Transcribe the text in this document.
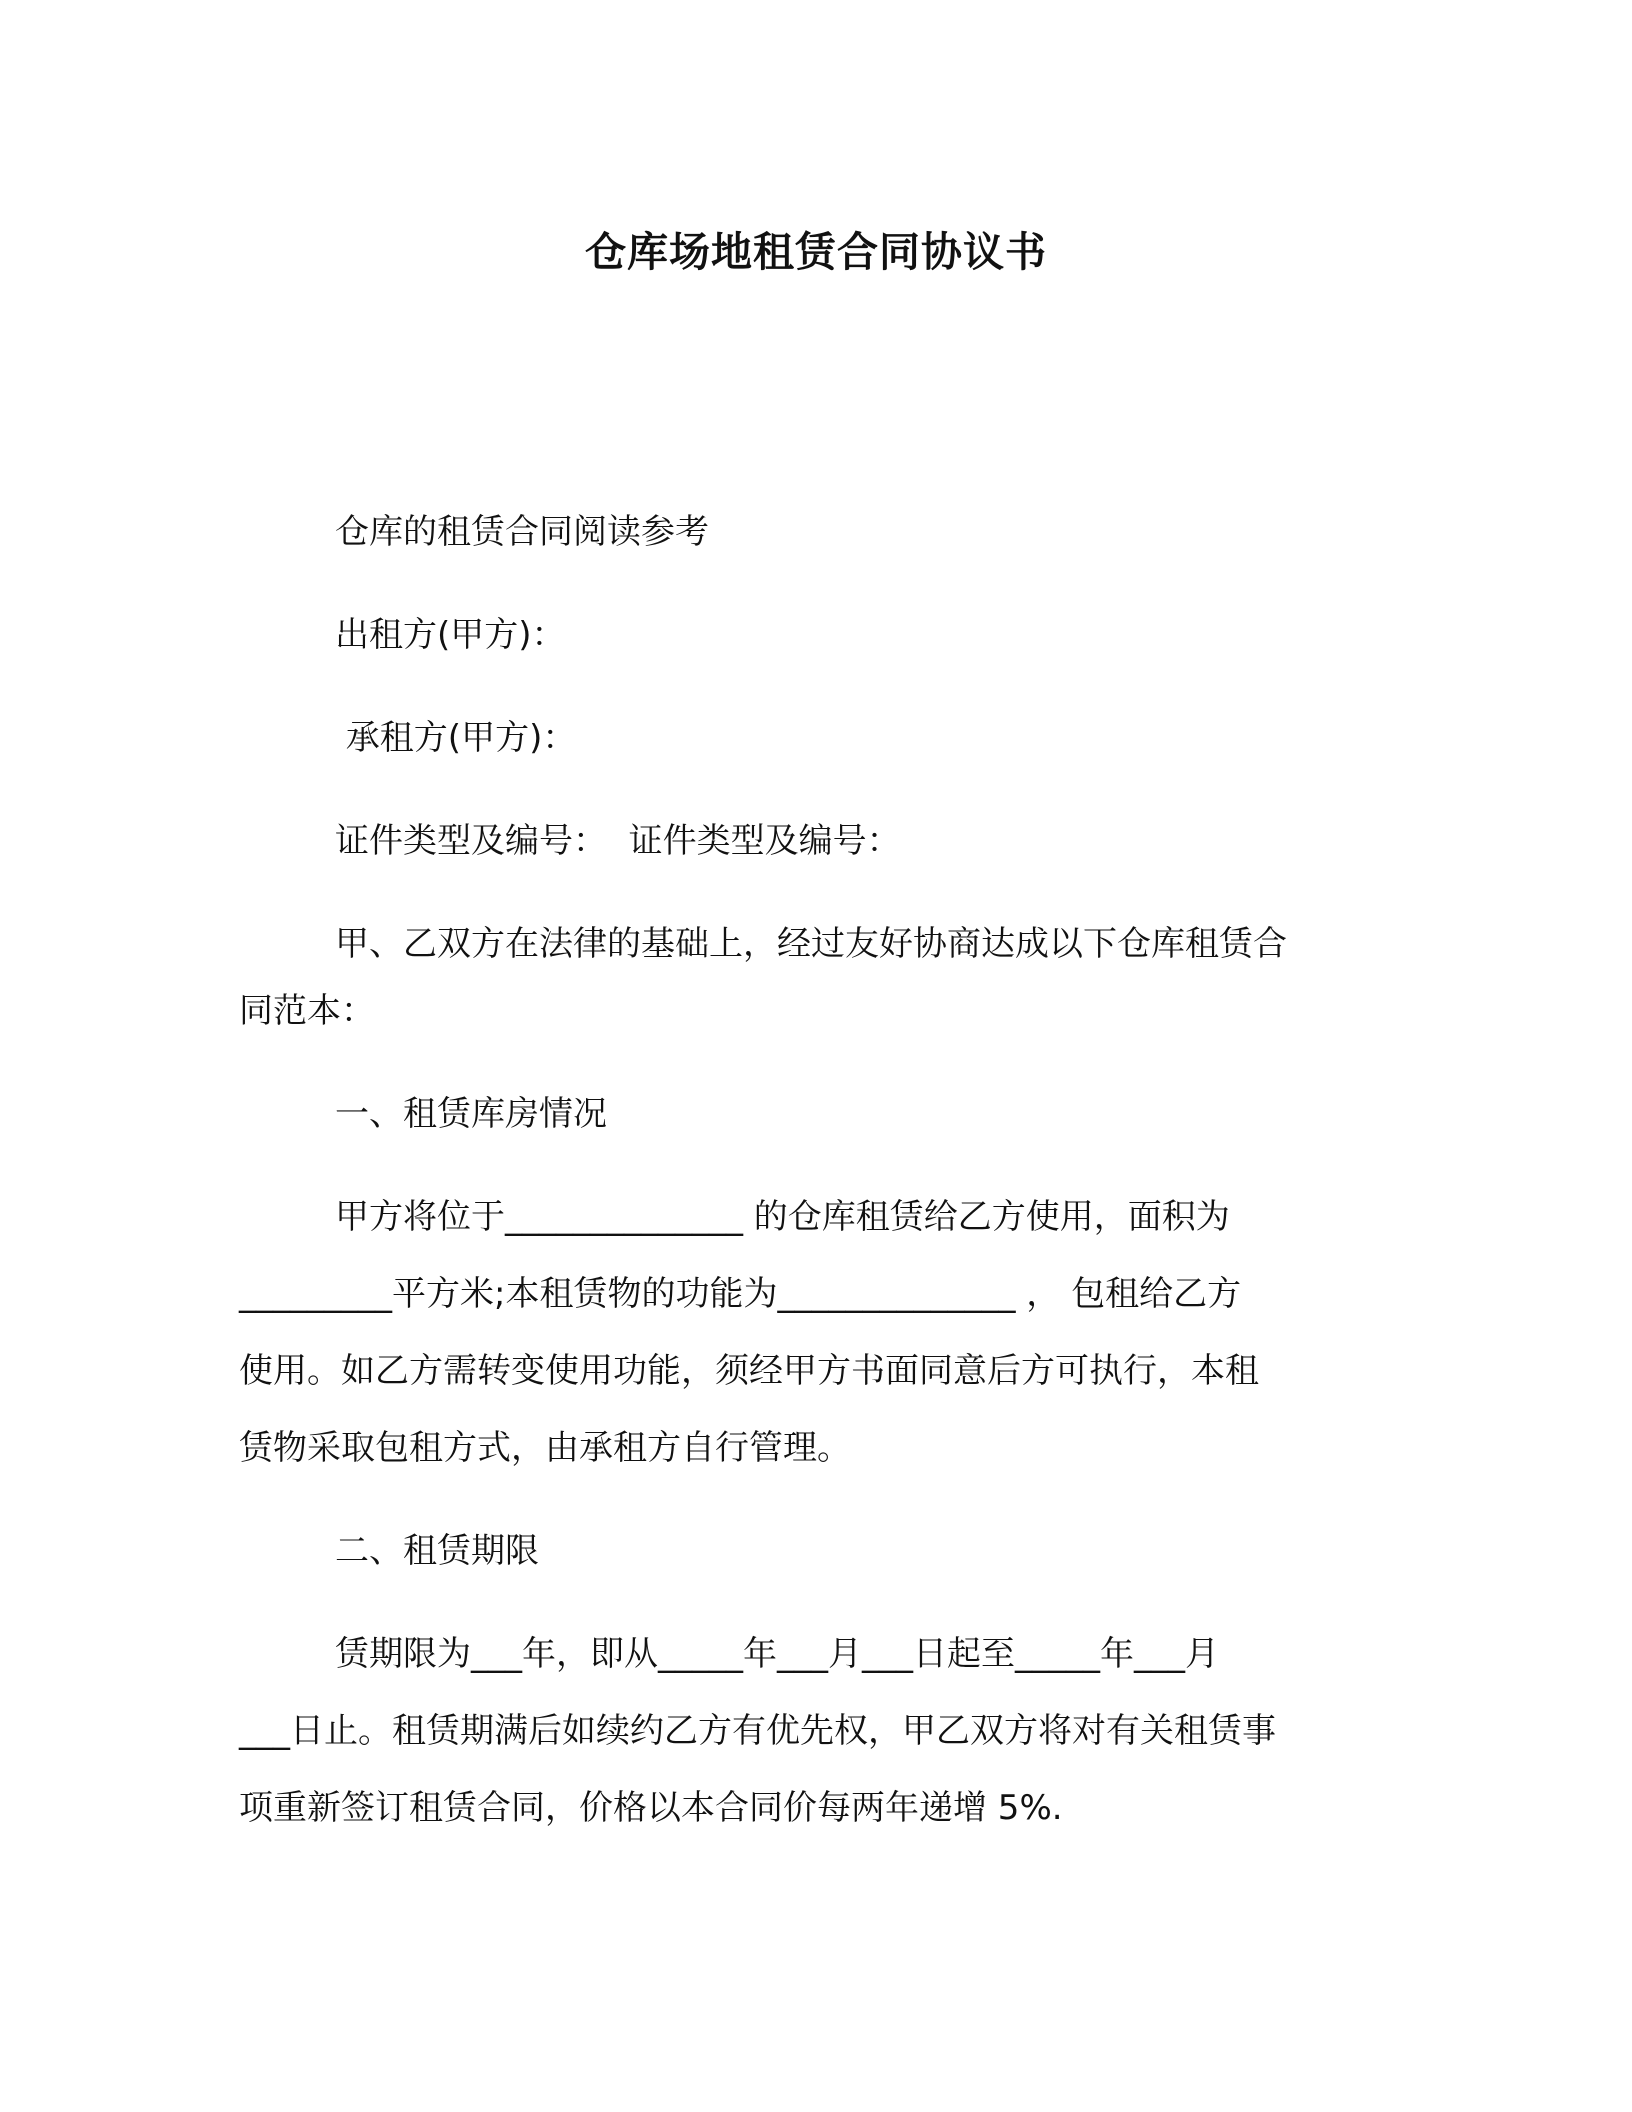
仓库场地租赁合同协议书

仓库的租赁合同阅读参考

出租方(甲方)：

承租方(甲方)：

证件类型及编号：  证件类型及编号：

甲、乙双方在法律的基础上，经过友好协商达成以下仓库租赁合

同范本：

一、租赁库房情况

甲方将位于______________ 的仓库租赁给乙方使用，面积为

_________平方米;本租赁物的功能为______________ ， 包租给乙方

使用。如乙方需转变使用功能，须经甲方书面同意后方可执行，本租

赁物采取包租方式，由承租方自行管理。

二、租赁期限

赁期限为___年，即从_____年___月___日起至_____年___月

___日止。租赁期满后如续约乙方有优先权，甲乙双方将对有关租赁事

项重新签订租赁合同，价格以本合同价每两年递增 5%.
